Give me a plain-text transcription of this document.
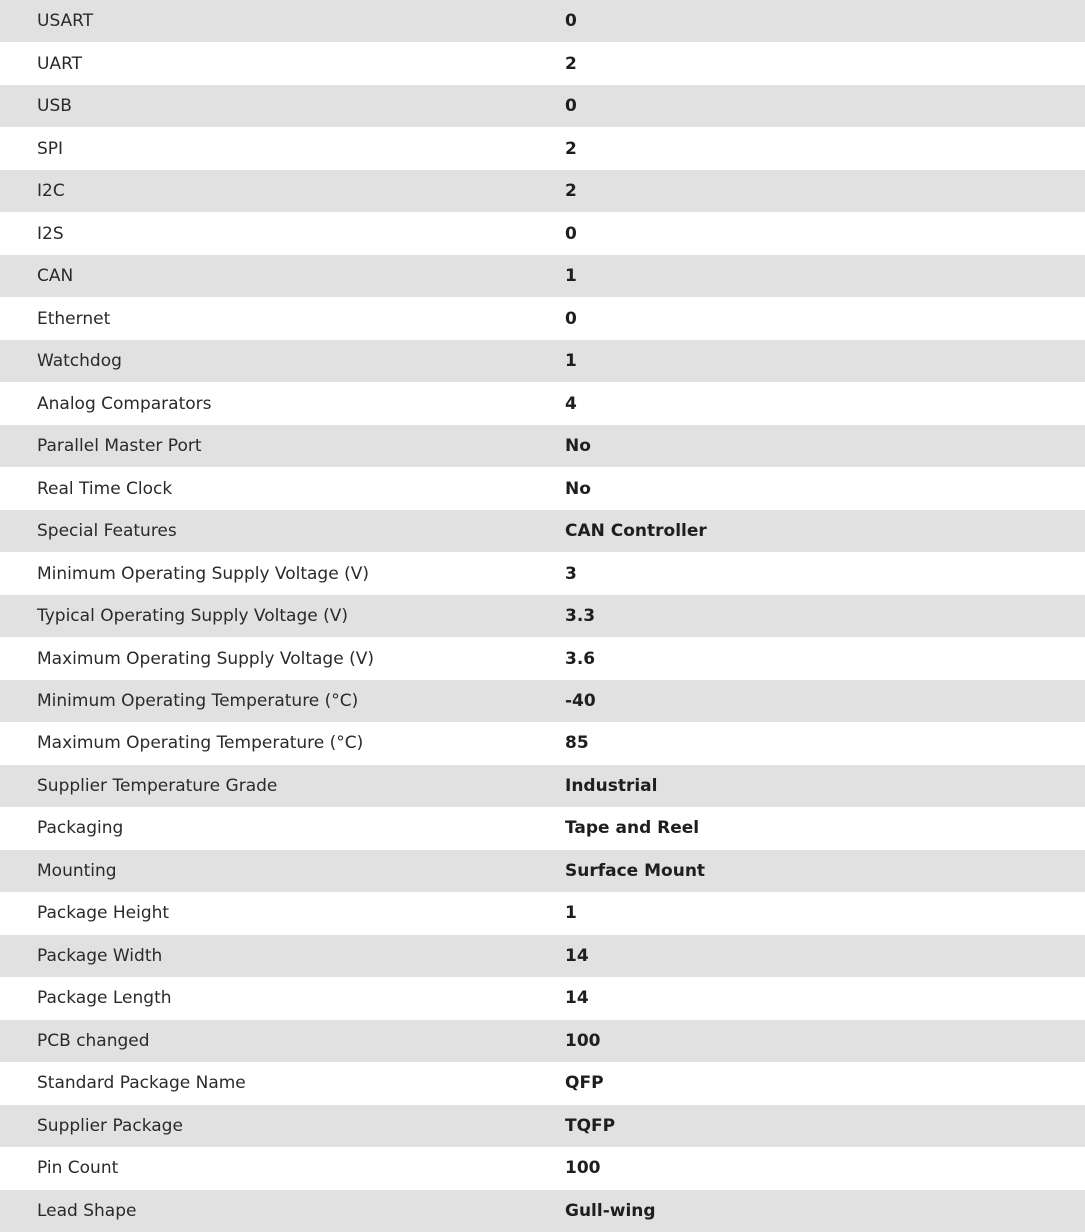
USART	0
UART	2
USB	0
SPI	2
I2C	2
I2S	0
CAN	1
Ethernet	0
Watchdog	1
Analog Comparators	4
Parallel Master Port	No
Real Time Clock	No
Special Features	CAN Controller
Minimum Operating Supply Voltage (V)	3
Typical Operating Supply Voltage (V)	3.3
Maximum Operating Supply Voltage (V)	3.6
Minimum Operating Temperature (°C)	-40
Maximum Operating Temperature (°C)	85
Supplier Temperature Grade	Industrial
Packaging	Tape and Reel
Mounting	Surface Mount
Package Height	1
Package Width	14
Package Length	14
PCB changed	100
Standard Package Name	QFP
Supplier Package	TQFP
Pin Count	100
Lead Shape	Gull-wing
